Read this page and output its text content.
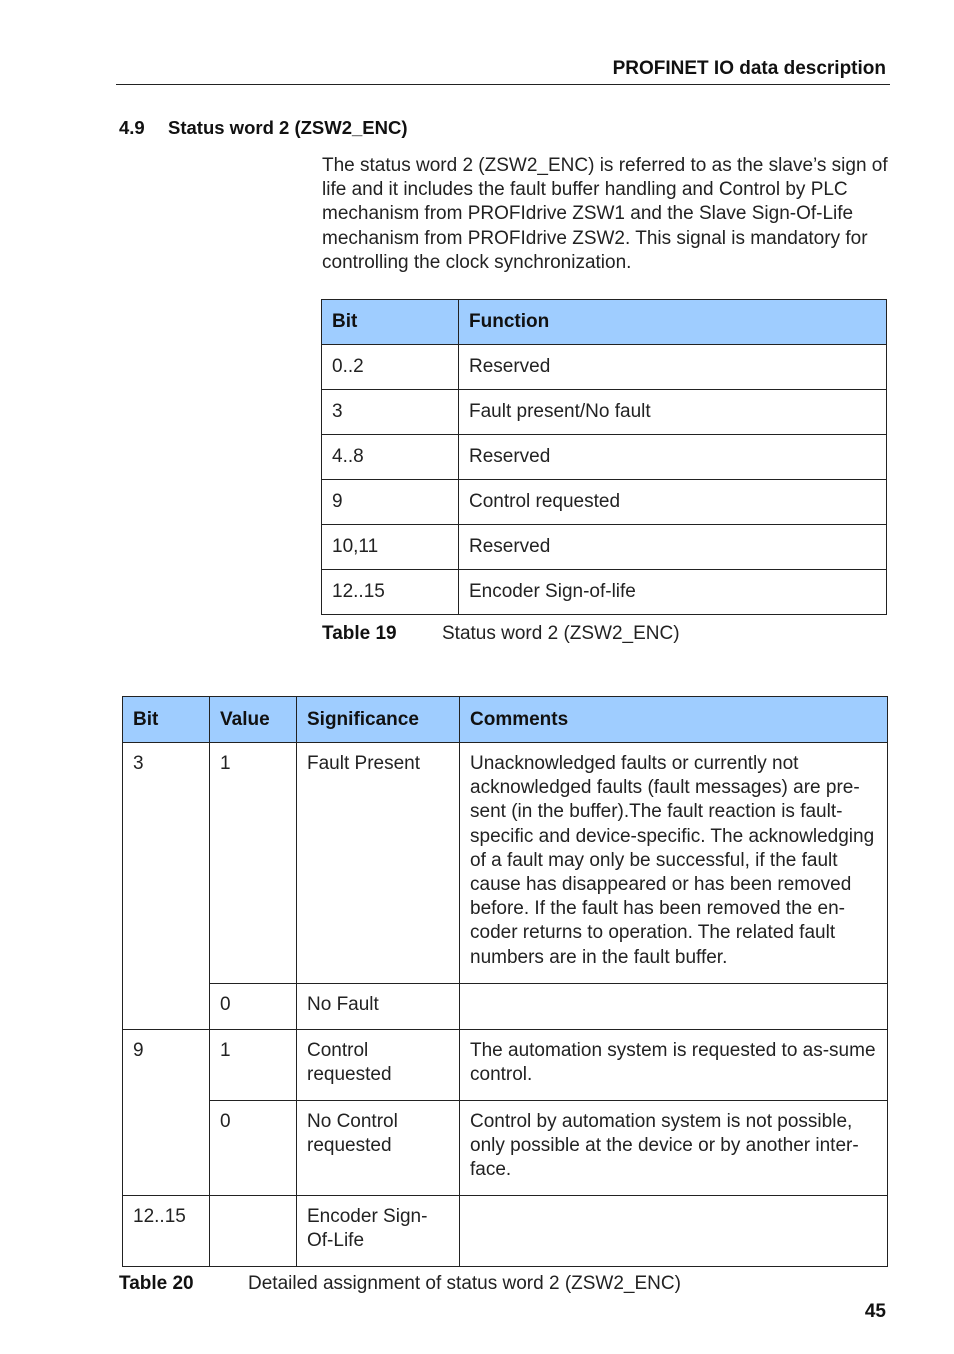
PROFINET IO data description
4.9 Status word 2 (ZSW2_ENC)

The status word 2 (ZSW2_ENC) is referred to as the slave’s sign of life and it includes the fault buffer handling and Control by PLC mechanism from PROFIdrive ZSW1 and the Slave Sign-Of-Life mechanism from PROFIdrive ZSW2. This signal is mandatory for controlling the clock synchronization.

Bit	Function
0..2	Reserved
3	Fault present/No fault
4..8	Reserved
9	Control requested
10,11	Reserved
12..15	Encoder Sign-of-life
Table 19 Status word 2 (ZSW2_ENC)
Bit	Value	Significance	Comments
3	1	Fault Present	Unacknowledged faults or currently not acknowledged faults (fault messages) are pre-sent (in the buffer).The fault reaction is fault-specific and device-specific. The acknowledging of a fault may only be successful, if the fault cause has disappeared or has been removed before. If the fault has been removed the en-coder returns to operation. The related fault numbers are in the fault buffer.
	0	No Fault	
9	1	Control requested	The automation system is requested to as-sume control.
	0	No Control requested	Control by automation system is not possible, only possible at the device or by another inter-face.
12..15		Encoder Sign-Of-Life	
Table 20	Detailed assignment of status word 2 (ZSW2_ENC)
45
